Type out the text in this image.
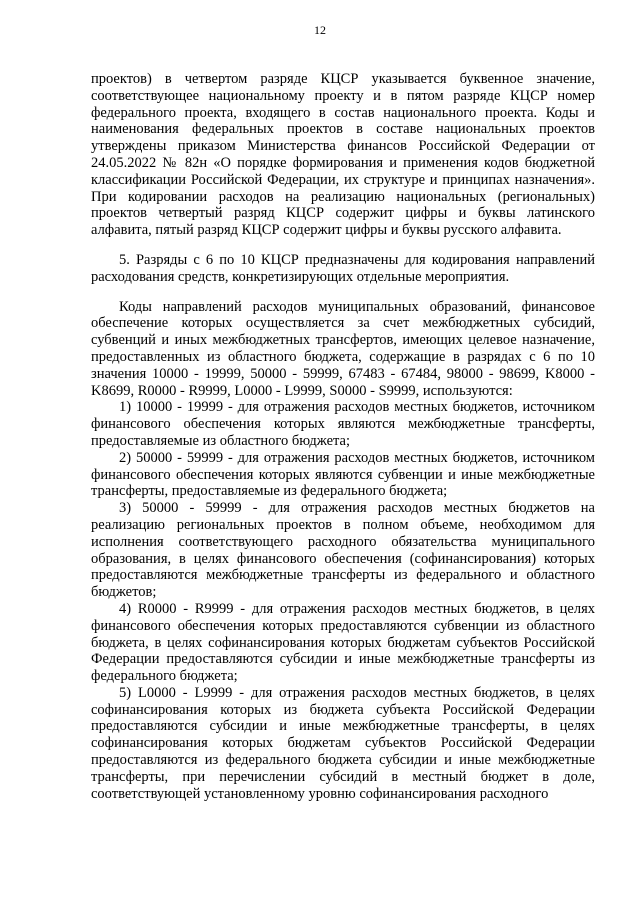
12

проектов) в четвертом разряде КЦСР указывается буквенное значение, соответствующее национальному проекту и в пятом разряде КЦСР номер федерального проекта, входящего в состав национального проекта. Коды и наименования федеральных проектов в составе национальных проектов утверждены приказом Министерства финансов Российской Федерации от 24.05.2022 № 82н «О порядке формирования и применения кодов бюджетной классификации Российской Федерации, их структуре и принципах назначения». При кодировании расходов на реализацию национальных (региональных) проектов четвертый разряд КЦСР содержит цифры и буквы латинского алфавита, пятый разряд КЦСР содержит цифры и буквы русского алфавита.

5. Разряды с 6 по 10 КЦСР предназначены для кодирования направлений расходования средств, конкретизирующих отдельные мероприятия.

Коды направлений расходов муниципальных образований, финансовое обеспечение которых осуществляется за счет межбюджетных субсидий, субвенций и иных межбюджетных трансфертов, имеющих целевое назначение, предоставленных из областного бюджета, содержащие в разрядах с 6 по 10 значения 10000 - 19999, 50000 - 59999, 67483 - 67484, 98000 - 98699, K8000 - K8699, R0000 - R9999, L0000 - L9999, S0000 - S9999, используются:

1) 10000 - 19999 - для отражения расходов местных бюджетов, источником финансового обеспечения которых являются межбюджетные трансферты, предоставляемые из областного бюджета;

2) 50000 - 59999 - для отражения расходов местных бюджетов, источником финансового обеспечения которых являются субвенции и иные межбюджетные трансферты, предоставляемые из федерального бюджета;

3) 50000 - 59999 - для отражения расходов местных бюджетов на реализацию региональных проектов в полном объеме, необходимом для исполнения соответствующего расходного обязательства муниципального образования, в целях финансового обеспечения (софинансирования) которых предоставляются межбюджетные трансферты из федерального и областного бюджетов;

4) R0000 - R9999 - для отражения расходов местных бюджетов, в целях финансового обеспечения которых предоставляются субвенции из областного бюджета, в целях софинансирования которых бюджетам субъектов Российской Федерации предоставляются субсидии и иные межбюджетные трансферты из федерального бюджета;

5) L0000 - L9999 - для отражения расходов местных бюджетов, в целях софинансирования которых из бюджета субъекта Российской Федерации предоставляются субсидии и иные межбюджетные трансферты, в целях софинансирования которых бюджетам субъектов Российской Федерации предоставляются из федерального бюджета субсидии и иные межбюджетные трансферты, при перечислении субсидий в местный бюджет в доле, соответствующей установленному уровню софинансирования расходного
